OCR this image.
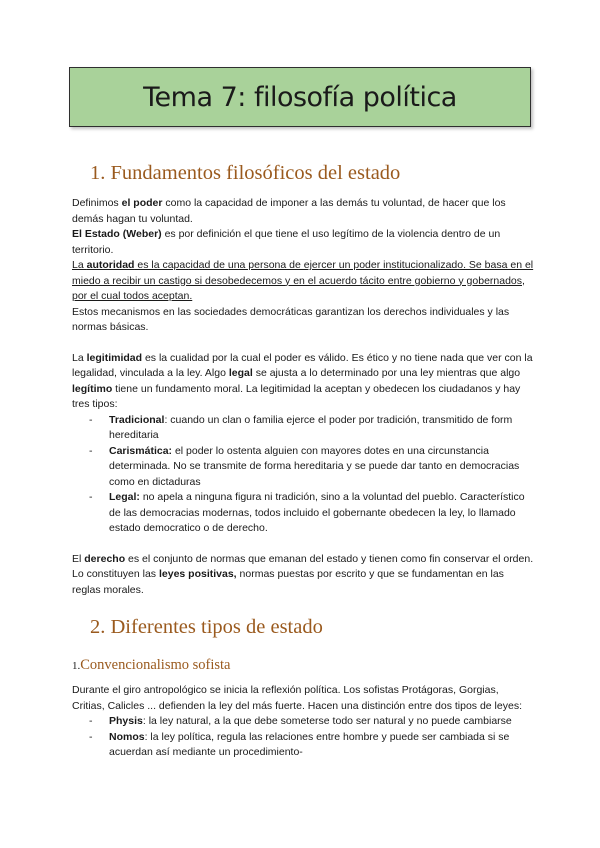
Tema 7: filosofía política
1. Fundamentos filosóficos del estado

Definimos el poder como la capacidad de imponer a las demás tu voluntad, de hacer que los demás hagan tu voluntad.

El Estado (Weber) es por definición el que tiene el uso legítimo de la violencia dentro de un territorio.

La autoridad es la capacidad de una persona de ejercer un poder institucionalizado. Se basa en el miedo a recibir un castigo si desobedecemos y en el acuerdo tácito entre gobierno y gobernados, por el cual todos aceptan.

Estos mecanismos en las sociedades democráticas garantizan los derechos individuales y las normas básicas.

La legitimidad es la cualidad por la cual el poder es válido. Es ético y no tiene nada que ver con la legalidad, vinculada a la ley. Algo legal se ajusta a lo determinado por una ley mientras que algo legítimo tiene un fundamento moral. La legitimidad la aceptan y obedecen los ciudadanos y hay tres tipos:

- Tradicional: cuando un clan o familia ejerce el poder por tradición, transmitido de form hereditaria
- Carismática: el poder lo ostenta alguien con mayores dotes en una circunstancia determinada. No se transmite de forma hereditaria y se puede dar tanto en democracias como en dictaduras
- Legal: no apela a ninguna figura ni tradición, sino a la voluntad del pueblo. Característico de las democracias modernas, todos incluido el gobernante obedecen la ley, lo llamado estado democratico o de derecho.

El derecho es el conjunto de normas que emanan del estado y tienen como fin conservar el orden. Lo constituyen las leyes positivas, normas puestas por escrito y que se fundamentan en las reglas morales.

2. Diferentes tipos de estado
1.Convencionalismo sofista

Durante el giro antropológico se inicia la reflexión política. Los sofistas Protágoras, Gorgias, Critias, Calicles ... defienden la ley del más fuerte. Hacen una distinción entre dos tipos de leyes:

- Physis: la ley natural, a la que debe someterse todo ser natural y no puede cambiarse
- Nomos: la ley política, regula las relaciones entre hombre y puede ser cambiada si se acuerdan así mediante un procedimiento-
